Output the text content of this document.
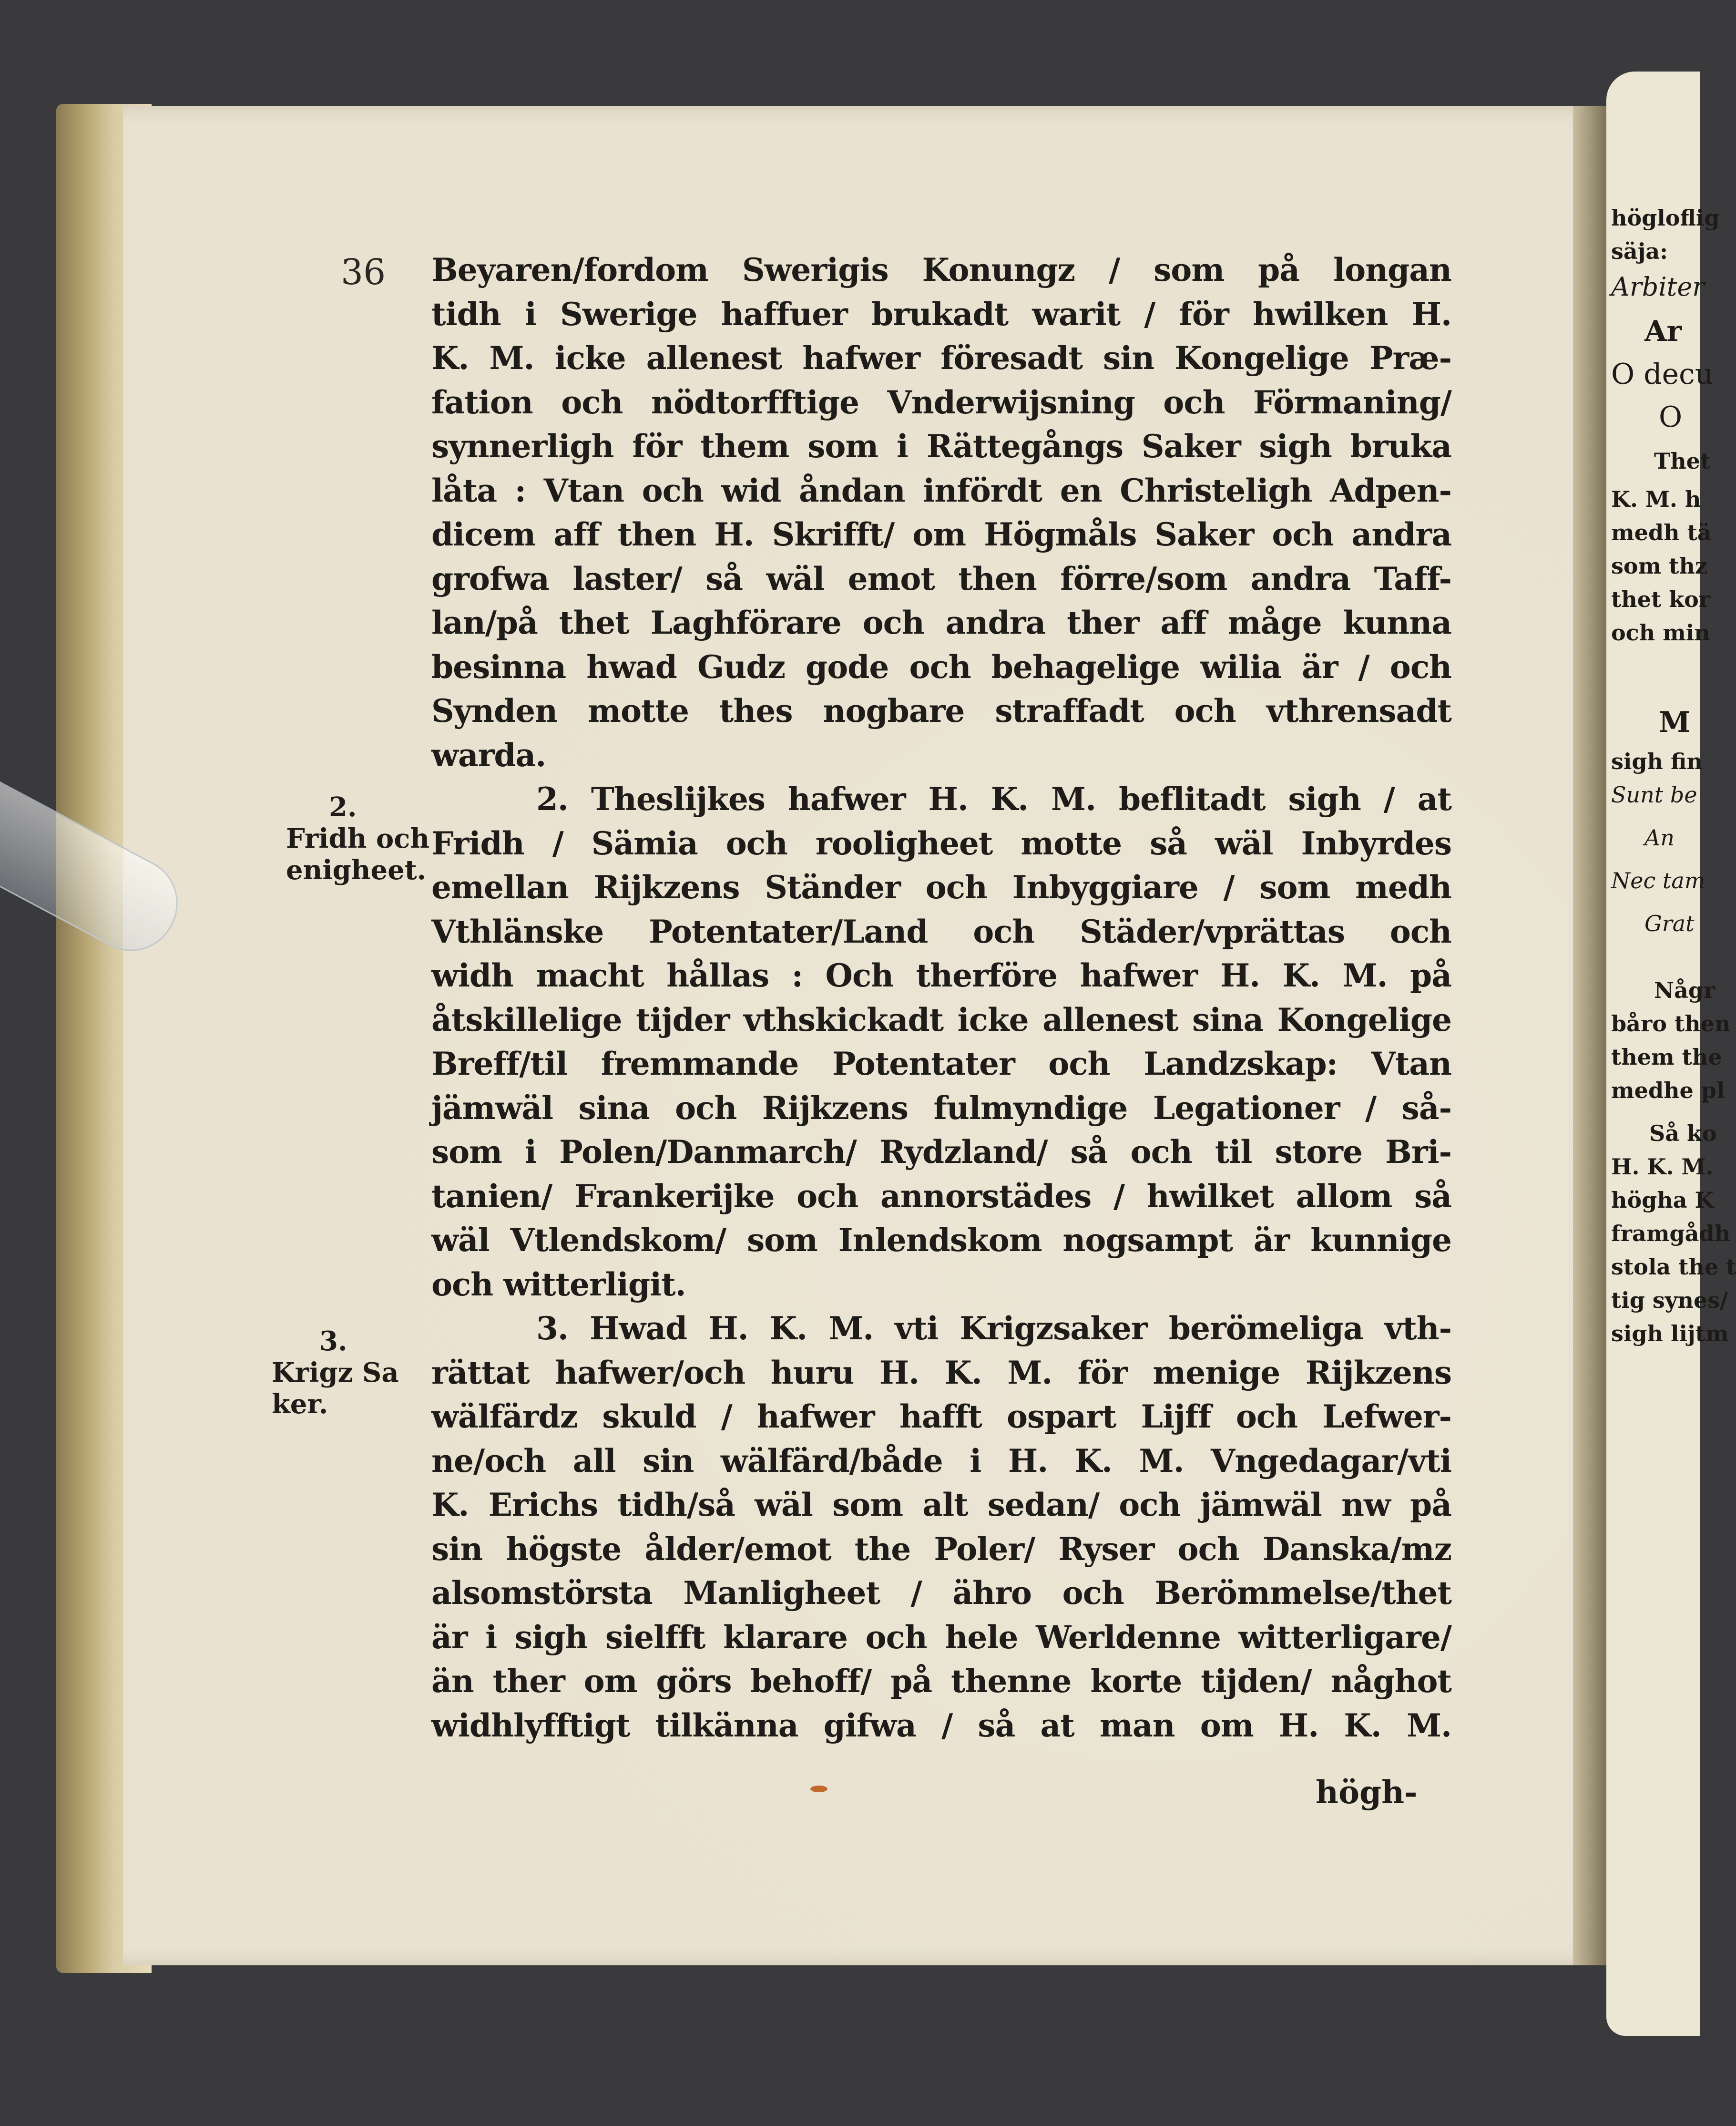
högloflig
säja:
Arbiter
Ar
O decu
O
Thet
K. M. h
medh tä
som thz
thet kor
och min
M
sigh fin
Sunt be
An
Nec tam
Grat
Någr
båro then
them the
medhe pl
Så ko
H. K. M.
högha K
framgådh
stola the t
tig synes/
sigh lijtm
36 Beyaren/fordom Swerigis Konungz / som på longan
tidh i Swerige haffuer brukadt warit / för hwilken H.
K. M. icke allenest hafwer föresadt sin Kongelige Præ-
fation och nödtorfftige Vnderwijsning och Förmaning/
synnerligh för them som i Rättegångs Saker sigh bruka
låta : Vtan och wid åndan infördt en Christeligh Adpen-
dicem aff then H. Skrifft/ om Högmåls Saker och andra
grofwa laster/ så wäl emot then förre/som andra Taff-
lan/på thet Laghförare och andra ther aff måge kunna
besinna hwad Gudz gode och behagelige wilia är / och
Synden motte thes nogbare straffadt och vthrensadt
warda.
2. Theslijkes hafwer H. K. M. beflitadt sigh / at
Fridh / Sämia och rooligheet motte så wäl Inbyrdes
emellan Rijkzens Ständer och Inbyggiare / som medh
Vthlänske Potentater/Land och Städer/vprättas och
widh macht hållas : Och therföre hafwer H. K. M. på
åtskillelige tijder vthskickadt icke allenest sina Kongelige
Breff/til fremmande Potentater och Landzskap: Vtan
jämwäl sina och Rijkzens fulmyndige Legationer / så-
som i Polen/Danmarch/ Rydzland/ så och til store Bri-
tanien/ Frankerijke och annorstädes / hwilket allom så
wäl Vtlendskom/ som Inlendskom nogsampt är kunnige
och witterligit.
3. Hwad H. K. M. vti Krigzsaker berömeliga vth-
rättat hafwer/och huru H. K. M. för menige Rijkzens
wälfärdz skuld / hafwer hafft ospart Lijff och Lefwer-
ne/och all sin wälfärd/både i H. K. M. Vngedagar/vti
K. Erichs tidh/så wäl som alt sedan/ och jämwäl nw på
sin högste ålder/emot the Poler/ Ryser och Danska/mz
alsomstörsta Manligheet / ähro och Berömmelse/thet
är i sigh sielfft klarare och hele Werldenne witterligare/
än ther om görs behoff/ på thenne korte tijden/ någhot
widhlyfftigt tilkänna gifwa / så at man om H. K. M.
2.
Fridh och
enigheet.
3.
Krigz Sa
ker.
högh-
